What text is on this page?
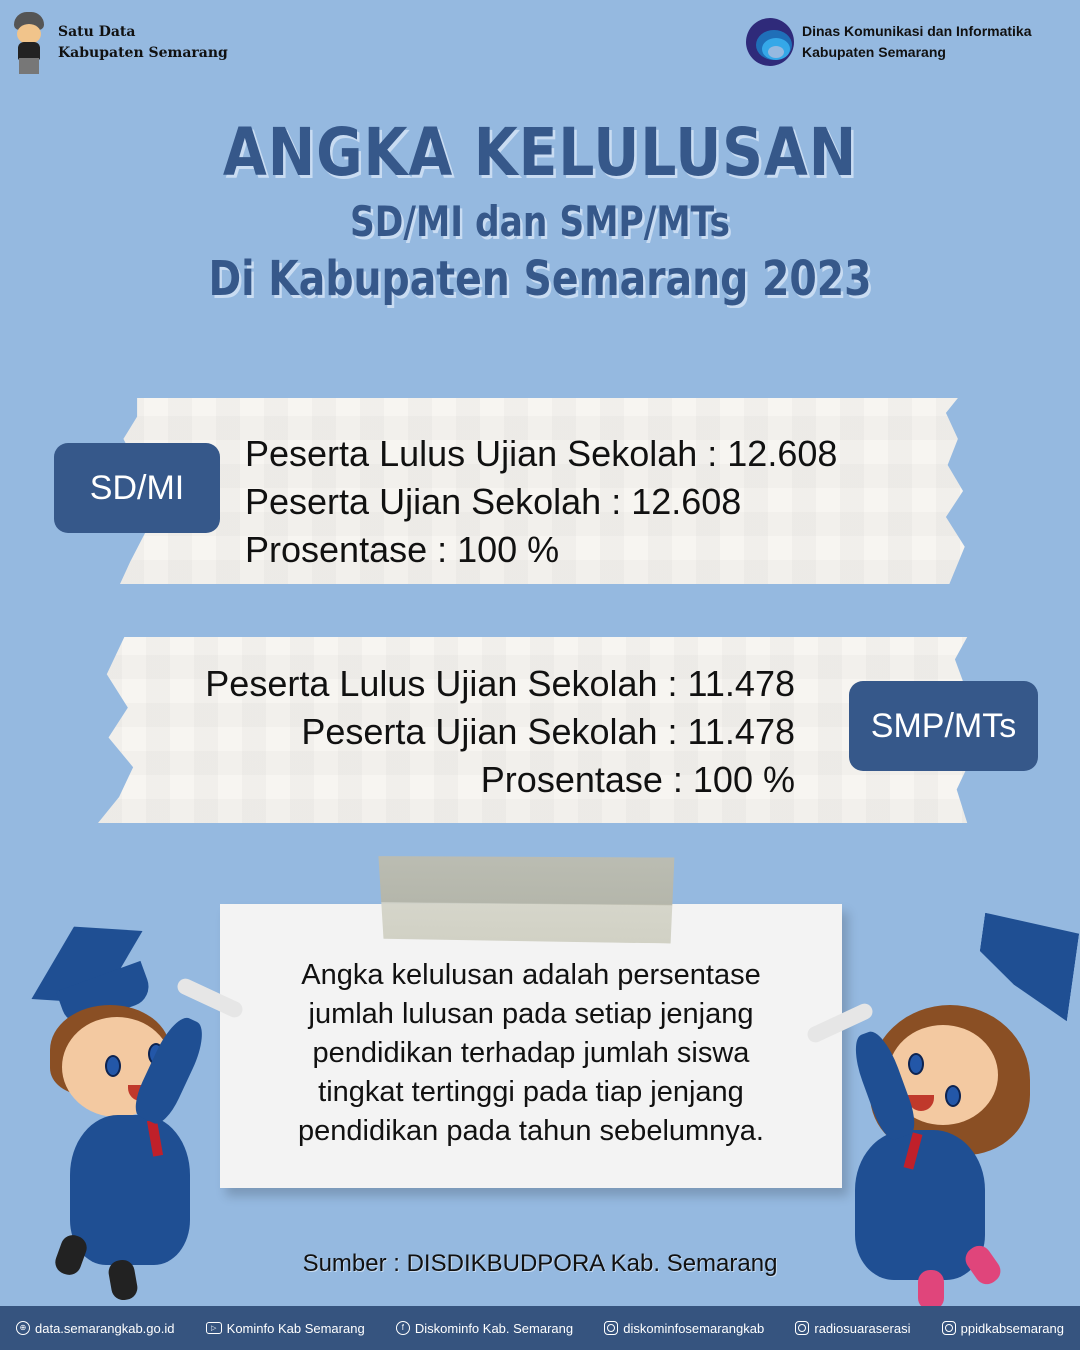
Satu Data
Kabupaten Semarang
Dinas Komunikasi dan Informatika
Kabupaten Semarang
ANGKA KELULUSAN
SD/MI dan SMP/MTs
Di Kabupaten Semarang 2023
SD/MI
Peserta Lulus Ujian Sekolah : 12.608
Peserta Ujian Sekolah : 12.608
Prosentase : 100 %
Peserta Lulus Ujian Sekolah : 11.478
Peserta Ujian Sekolah : 11.478
Prosentase : 100 %
SMP/MTs
Angka kelulusan adalah persentase
jumlah lulusan pada setiap jenjang
pendidikan terhadap jumlah siswa
tingkat tertinggi pada tiap jenjang
pendidikan pada tahun sebelumnya.
Sumber : DISDIKBUDPORA Kab. Semarang
⊕ data.semarangkab.go.id	▷ Kominfo Kab Semarang	f Diskominfo Kab. Semarang	diskominfosemarangkab	radiosuaraserasi	ppidkabsemarang
